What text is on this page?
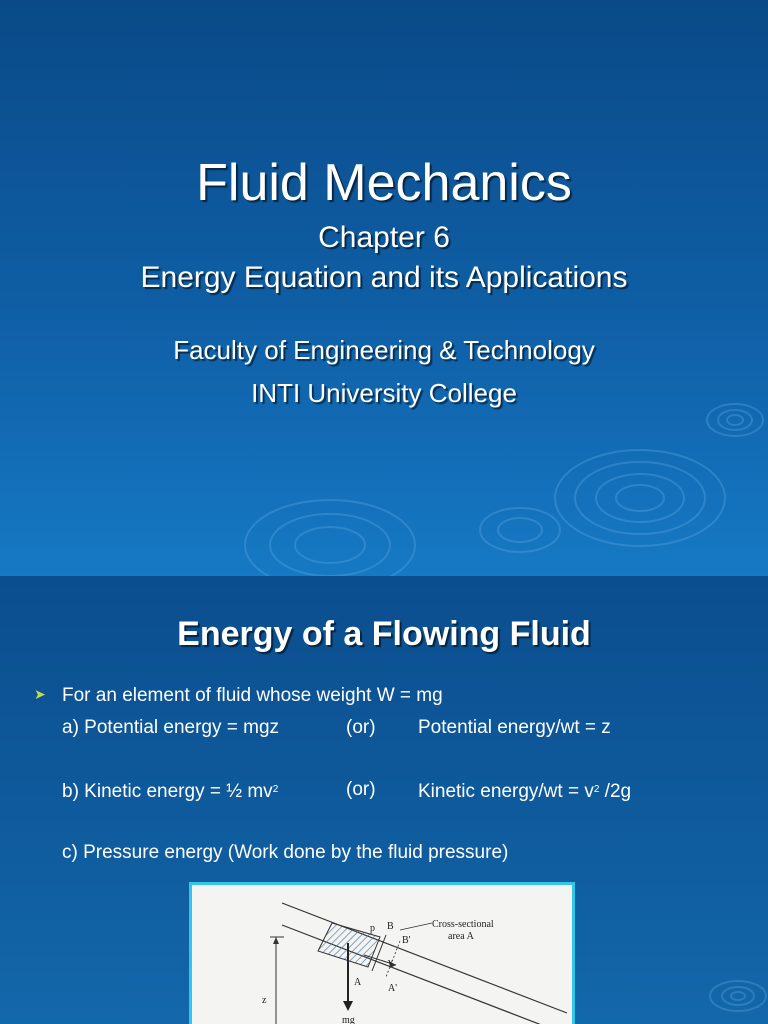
Fluid Mechanics
Chapter 6
Energy Equation and its Applications
Faculty of Engineering & Technology
INTI University College
Energy of a Flowing Fluid
➤ For an element of fluid whose weight W = mg
a) Potential energy = mgz	(or) Potential energy/wt = z
b) Kinetic energy = ½ $mv^2$	(or) Kinetic energy/wt = $v^2$ /2g
c) Pressure energy (Work done by the fluid pressure)
Cross-sectional
area A
p B
B'
v
A
A'
z
mg
